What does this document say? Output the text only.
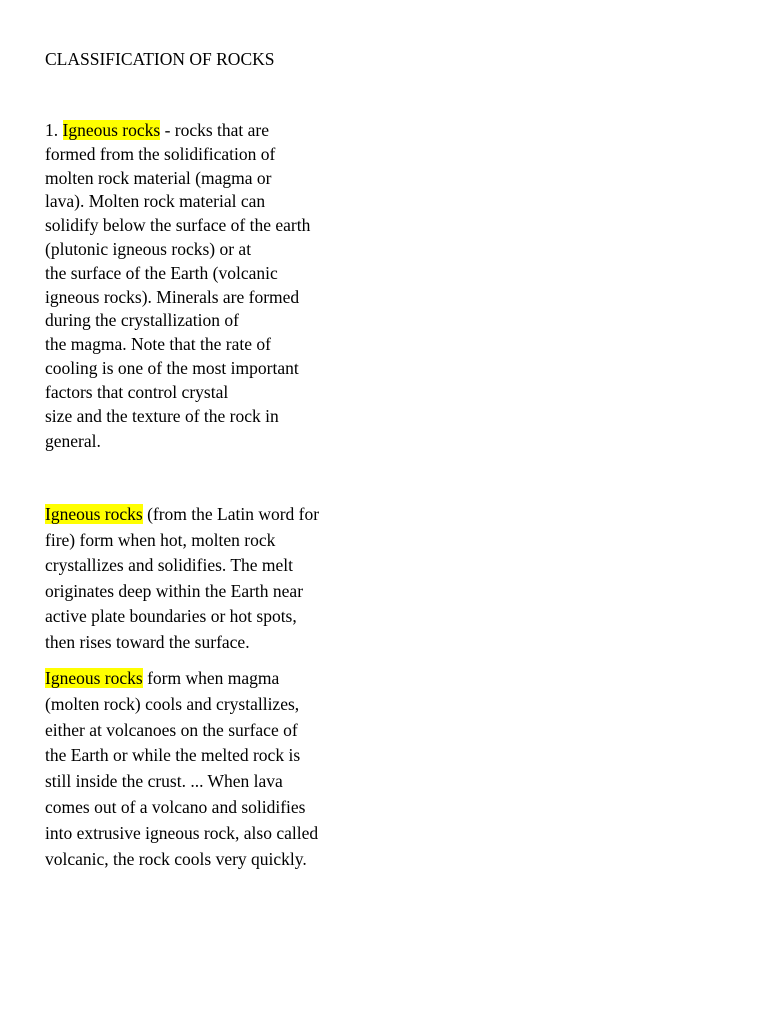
CLASSIFICATION OF ROCKS

1. Igneous rocks - rocks that are
formed from the solidification of
molten rock material (magma or
lava). Molten rock material can
solidify below the surface of the earth
(plutonic igneous rocks) or at
the surface of the Earth (volcanic
igneous rocks). Minerals are formed
during the crystallization of
the magma. Note that the rate of
cooling is one of the most important
factors that control crystal
size and the texture of the rock in
general.

Igneous rocks (from the Latin word for
fire) form when hot, molten rock
crystallizes and solidifies. The melt
originates deep within the Earth near
active plate boundaries or hot spots,
then rises toward the surface.

Igneous rocks form when magma
(molten rock) cools and crystallizes,
either at volcanoes on the surface of
the Earth or while the melted rock is
still inside the crust. ... When lava
comes out of a volcano and solidifies
into extrusive igneous rock, also called
volcanic, the rock cools very quickly.
